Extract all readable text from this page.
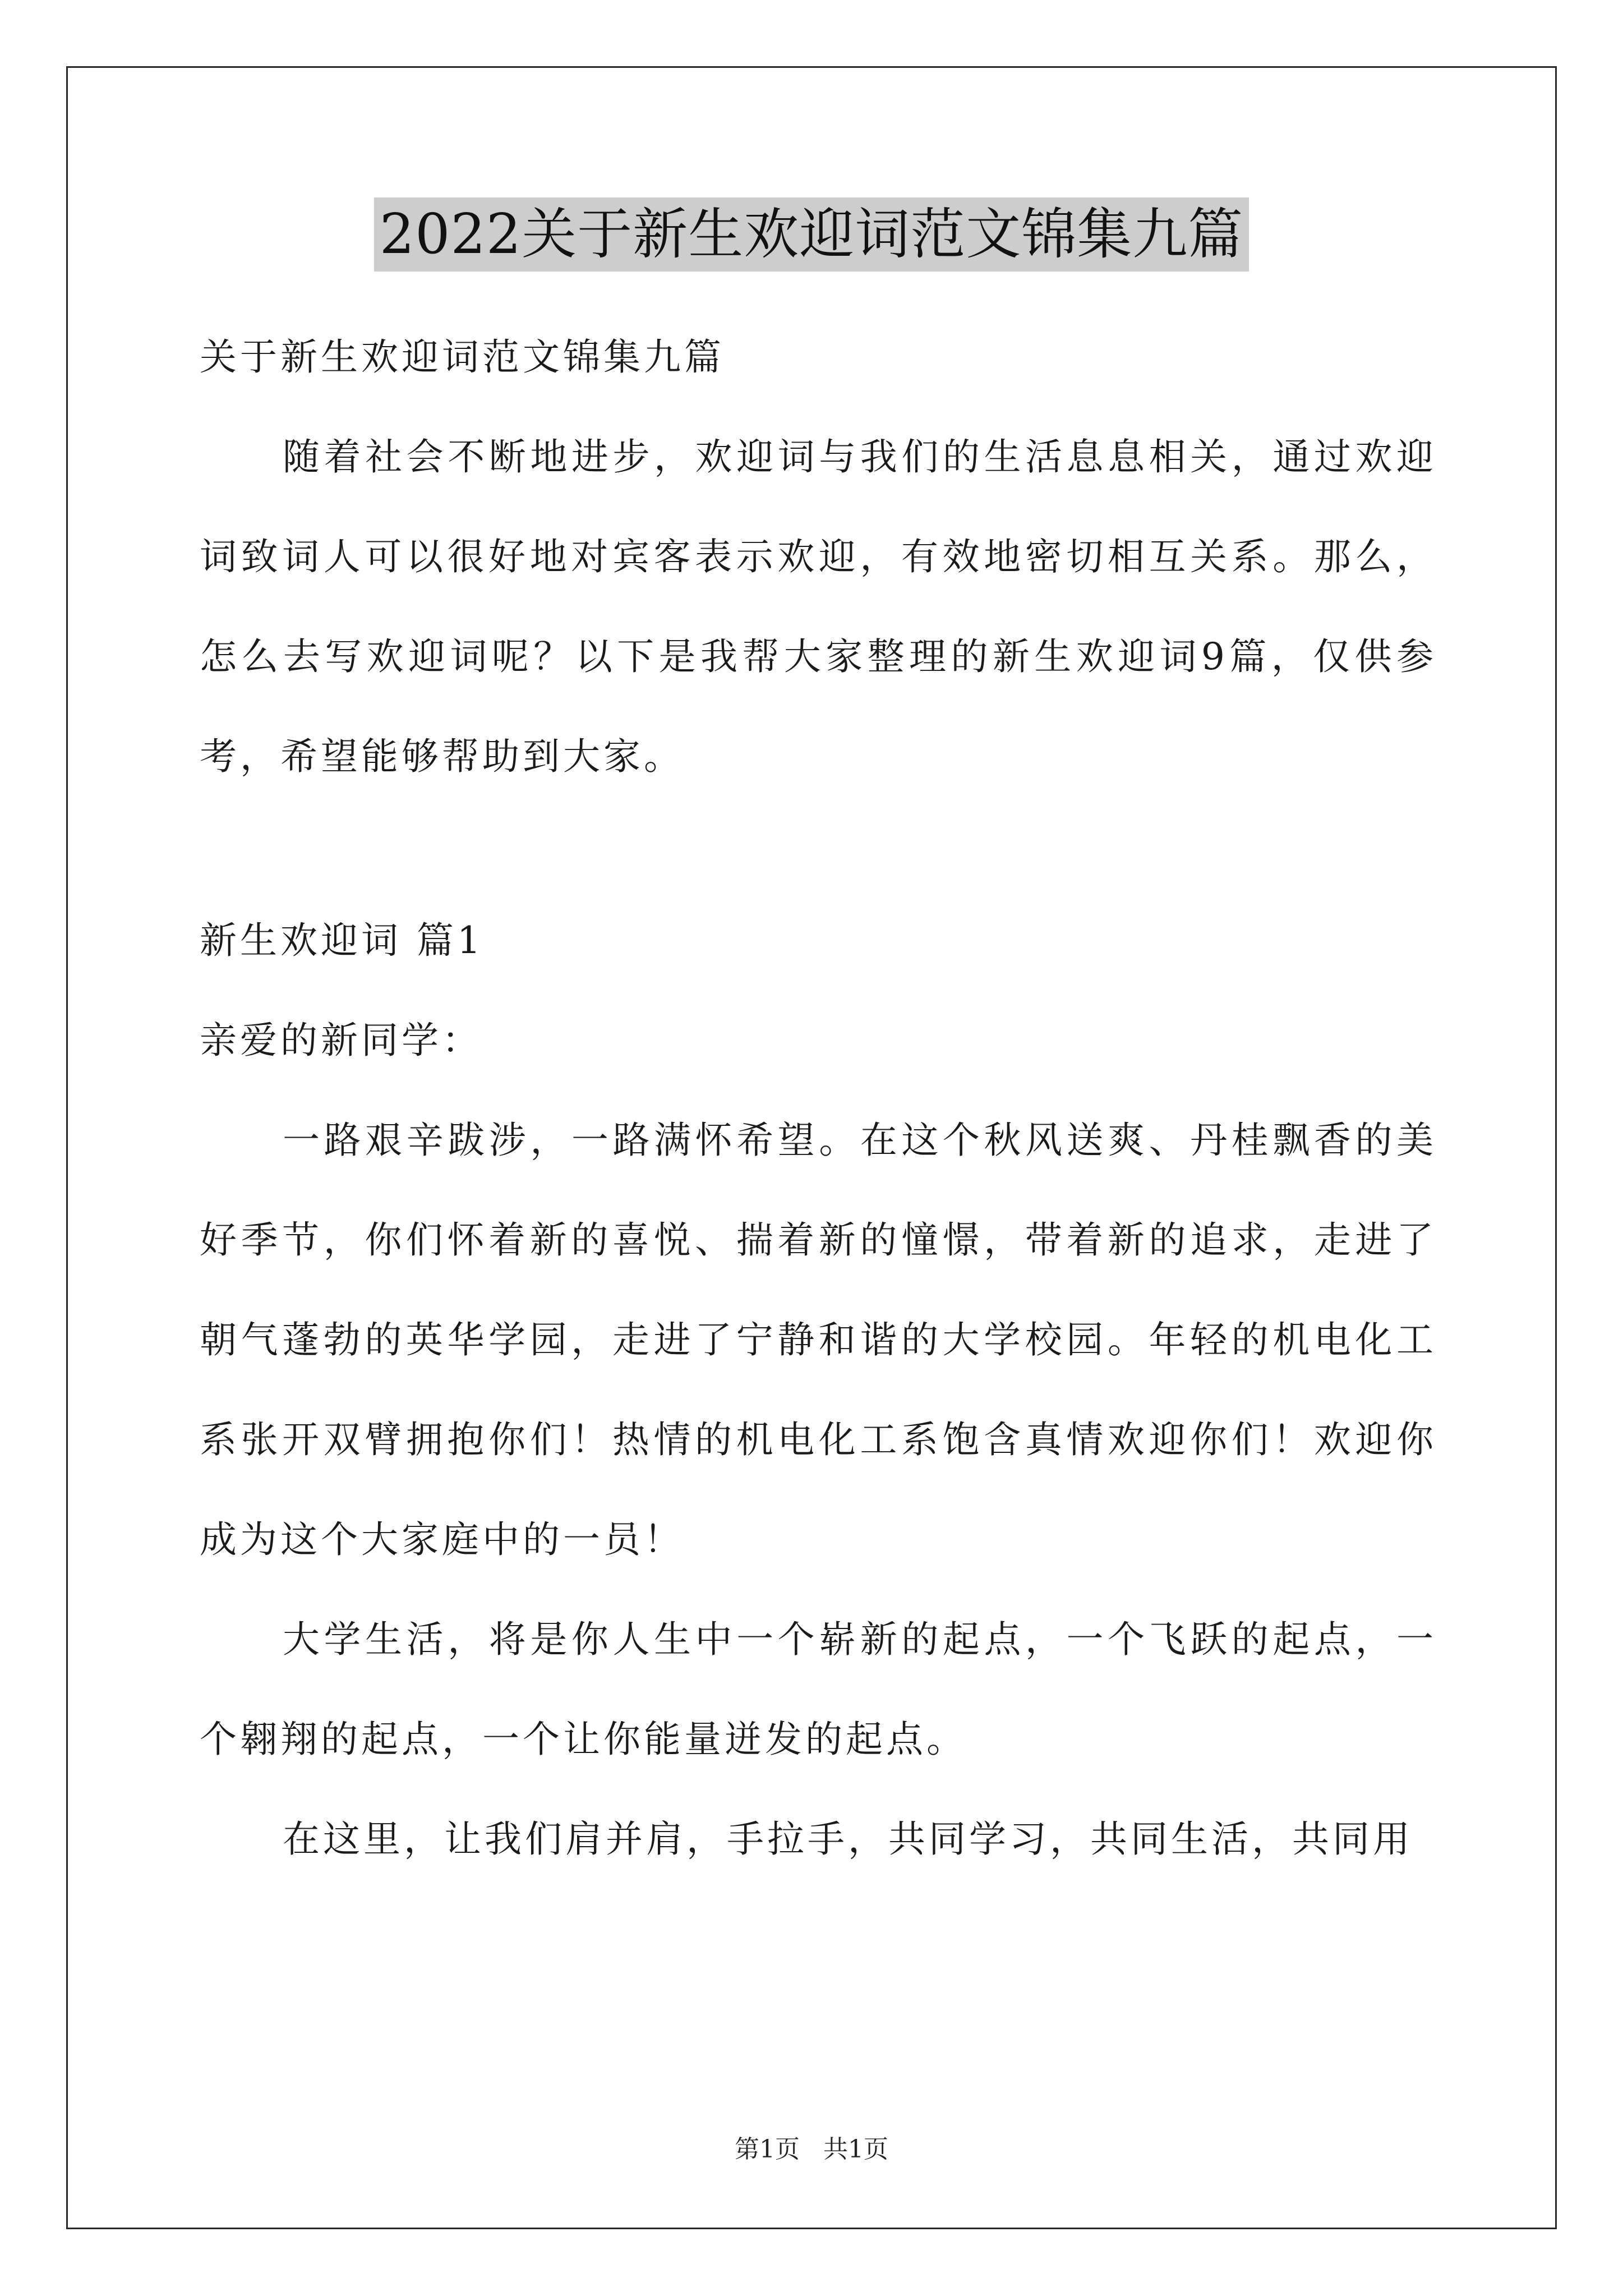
2022关于新生欢迎词范文锦集九篇

关于新生欢迎词范文锦集九篇

随着社会不断地进步，欢迎词与我们的生活息息相关，通过欢迎词致词人可以很好地对宾客表示欢迎，有效地密切相互关系。那么，怎么去写欢迎词呢？以下是我帮大家整理的新生欢迎词9篇，仅供参考，希望能够帮助到大家。

新生欢迎词 篇1

亲爱的新同学：

一路艰辛跋涉，一路满怀希望。在这个秋风送爽、丹桂飘香的美好季节，你们怀着新的喜悦、揣着新的憧憬，带着新的追求，走进了朝气蓬勃的英华学园，走进了宁静和谐的大学校园。年轻的机电化工系张开双臂拥抱你们！热情的机电化工系饱含真情欢迎你们！欢迎你成为这个大家庭中的一员！

大学生活，将是你人生中一个崭新的起点，一个飞跃的起点，一个翱翔的起点，一个让你能量迸发的起点。

在这里，让我们肩并肩，手拉手，共同学习，共同生活，共同用

第1页 共1页
